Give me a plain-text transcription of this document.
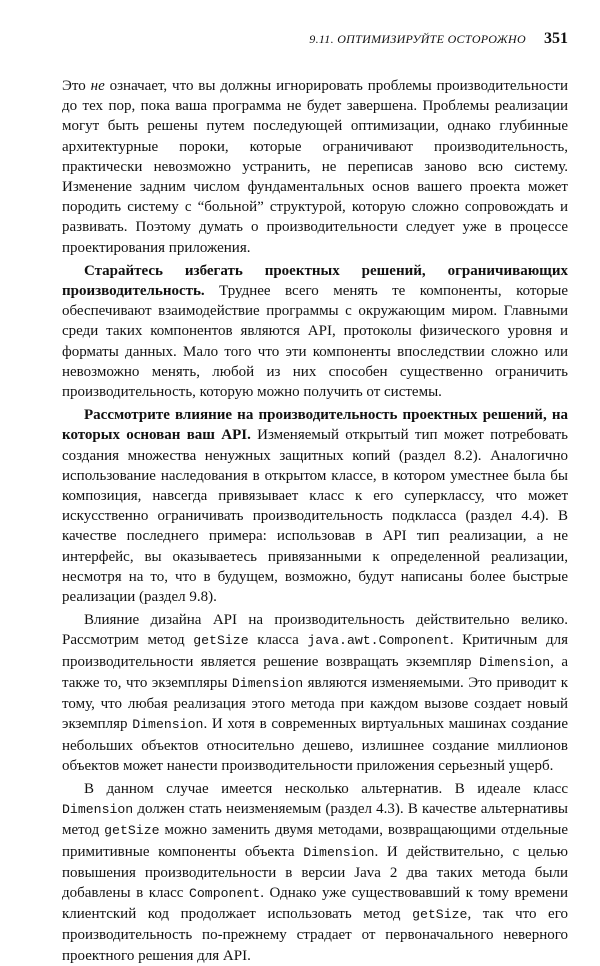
9.11. ОПТИМИЗИРУЙТЕ ОСТОРОЖНО 351

Это не означает, что вы должны игнорировать проблемы производительности до тех пор, пока ваша программа не будет завершена. Проблемы реализации могут быть решены путем последующей оптимизации, однако глубинные архитектурные пороки, которые ограничивают производительность, практически невозможно устранить, не переписав заново всю систему. Изменение задним числом фундаментальных основ вашего проекта может породить систему с “больной” структурой, которую сложно сопровождать и развивать. Поэтому думать о производительности следует уже в процессе проектирования приложения.

Старайтесь избегать проектных решений, ограничивающих производительность. Труднее всего менять те компоненты, которые обеспечивают взаимодействие программы с окружающим миром. Главными среди таких компонентов являются API, протоколы физического уровня и форматы данных. Мало того что эти компоненты впоследствии сложно или невозможно менять, любой из них способен существенно ограничить производительность, которую можно получить от системы.

Рассмотрите влияние на производительность проектных решений, на которых основан ваш API. Изменяемый открытый тип может потребовать создания множества ненужных защитных копий (раздел 8.2). Аналогично использование наследования в открытом классе, в котором уместнее была бы композиция, навсегда привязывает класс к его суперклассу, что может искусственно ограничивать производительность подкласса (раздел 4.4). В качестве последнего примера: использовав в API тип реализации, а не интерфейс, вы оказываетесь привязанными к определенной реализации, несмотря на то, что в будущем, возможно, будут написаны более быстрые реализации (раздел 9.8).

Влияние дизайна API на производительность действительно велико. Рассмотрим метод getSize класса java.awt.Component. Критичным для производительности является решение возвращать экземпляр Dimension, а также то, что экземпляры Dimension являются изменяемыми. Это приводит к тому, что любая реализация этого метода при каждом вызове создает новый экземпляр Dimension. И хотя в современных виртуальных машинах создание небольших объектов относительно дешево, излишнее создание миллионов объектов может нанести производительности приложения серьезный ущерб.

В данном случае имеется несколько альтернатив. В идеале класс Dimension должен стать неизменяемым (раздел 4.3). В качестве альтернативы метод getSize можно заменить двумя методами, возвращающими отдельные примитивные компоненты объекта Dimension. И действительно, с целью повышения производительности в версии Java 2 два таких метода были добавлены в класс Component. Однако уже существовавший к тому времени клиентский код продолжает использовать метод getSize, так что его производительность по-прежнему страдает от первоначального неверного проектного решения для API.
